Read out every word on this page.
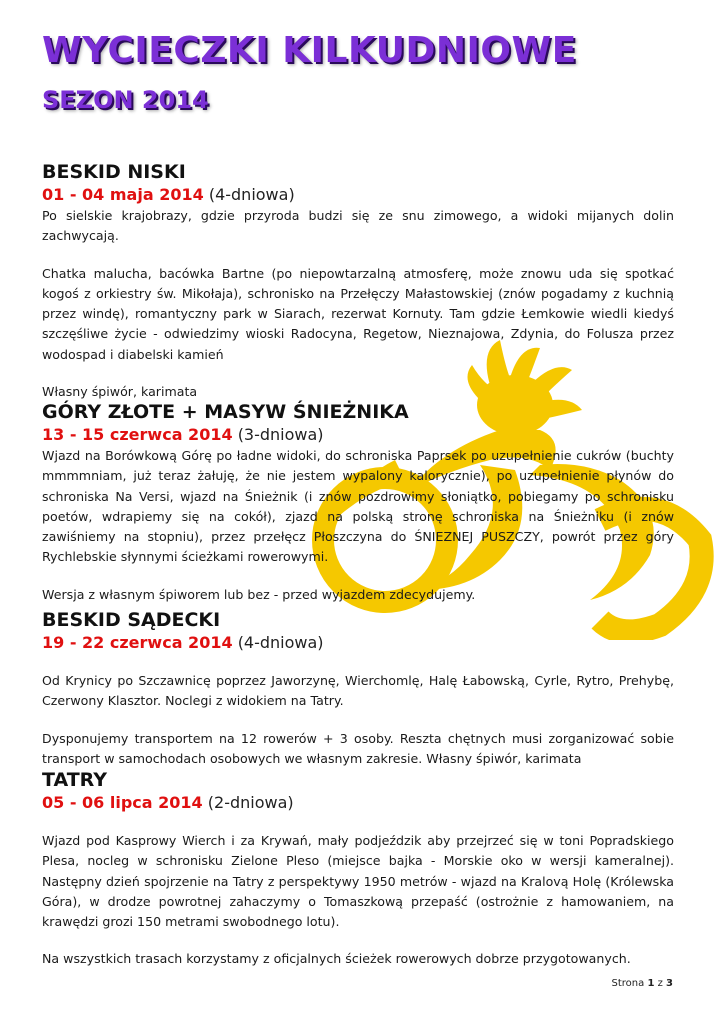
WYCIECZKI KILKUDNIOWE
SEZON 2014
BESKID NISKI
01 - 04 maja 2014 (4-dniowa)

Po sielskie krajobrazy, gdzie przyroda budzi się ze snu zimowego, a widoki mijanych dolin zachwycają.

Chatka malucha, bacówka Bartne (po niepowtarzalną atmosferę, może znowu uda się spotkać kogoś z orkiestry św. Mikołaja), schronisko na Przełęczy Małastowskiej (znów pogadamy z kuchnią przez windę), romantyczny park w Siarach, rezerwat Kornuty. Tam gdzie Łemkowie wiedli kiedyś szczęśliwe życie - odwiedzimy wioski Radocyna, Regetow, Nieznajowa, Zdynia, do Folusza przez wodospad i diabelski kamień

Własny śpiwór, karimata

GÓRY ZŁOTE + MASYW ŚNIEŻNIKA
13 - 15 czerwca 2014 (3-dniowa)

Wjazd na Borówkową Górę po ładne widoki, do schroniska Paprsek po uzupełnienie cukrów (buchty mmmmniam, już teraz żałuję, że nie jestem wypalony kalorycznie), po uzupełnienie płynów do schroniska Na Versi, wjazd na Śnieżnik (i znów pozdrowimy słoniątko, pobiegamy po schronisku poetów, wdrapiemy się na cokół), zjazd na polską stronę schroniska na Śnieżniku (i znów zawiśniemy na stopniu), przez przełęcz Płoszczyna do ŚNIEZNEJ PUSZCZY, powrót przez góry Rychlebskie słynnymi ścieżkami rowerowymi.

Wersja z własnym śpiworem lub bez - przed wyjazdem zdecydujemy.

BESKID SĄDECKI
19 - 22 czerwca 2014 (4-dniowa)

Od Krynicy po Szczawnicę poprzez Jaworzynę, Wierchomlę, Halę Łabowską, Cyrle, Rytro, Prehybę, Czerwony Klasztor. Noclegi z widokiem na Tatry.

Dysponujemy transportem na 12 rowerów + 3 osoby. Reszta chętnych musi zorganizować sobie transport w samochodach osobowych we własnym zakresie. Własny śpiwór, karimata

TATRY
05 - 06 lipca 2014 (2-dniowa)

Wjazd pod Kasprowy Wierch i za Krywań, mały podjeździk aby przejrzeć się w toni Popradskiego Plesa, nocleg w schronisku Zielone Pleso (miejsce bajka - Morskie oko w wersji kameralnej). Następny dzień spojrzenie na Tatry z perspektywy 1950 metrów - wjazd na Kralovą Holę (Królewska Góra), w drodze powrotnej zahaczymy o Tomaszkową przepaść (ostrożnie z hamowaniem, na krawędzi grozi 150 metrami swobodnego lotu).

Na wszystkich trasach korzystamy z oficjalnych ścieżek rowerowych dobrze przygotowanych.

Strona 1 z 3
